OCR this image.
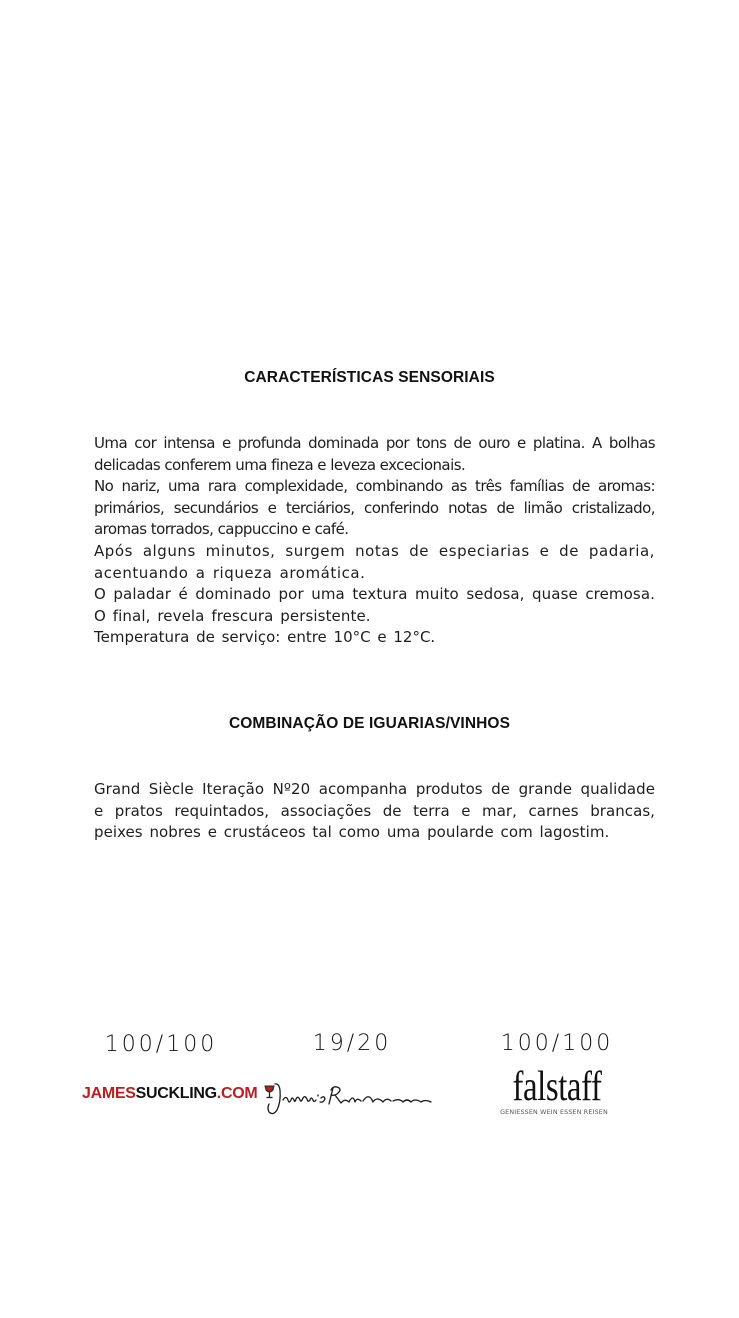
CARACTERÍSTICAS SENSORIAIS

Uma cor intensa e profunda dominada por tons de ouro e platina. A bolhas delicadas conferem uma fineza e leveza excecionais.

No nariz, uma rara complexidade, combinando as três famílias de aromas: primários, secundários e terciários, conferindo notas de limão cristalizado, aromas torrados, cappuccino e café.

Após alguns minutos, surgem notas de especiarias e de padaria, acentuando a riqueza aromática.

O paladar é dominado por uma textura muito sedosa, quase cremosa. O final, revela frescura persistente.

Temperatura de serviço: entre 10°C e 12°C.

COMBINAÇÃO DE IGUARIAS/VINHOS

Grand Siècle Iteração Nº20 acompanha produtos de grande qualidade e pratos requintados, associações de terra e mar, carnes brancas, peixes nobres e crustáceos tal como uma poularde com lagostim.

100/100	19/20	100/100
JAMESSUCKLING.COM	falstaff
GENIESSEN WEIN ESSEN REISEN
